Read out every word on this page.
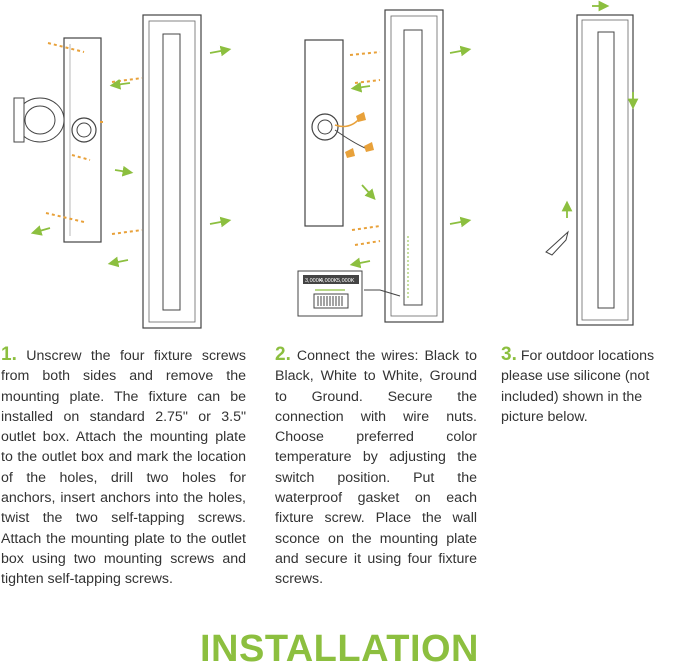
3,000K
4,000K 5,000K
1. Unscrew the four fixture screws from both sides and remove the mounting plate. The fixture can be installed on standard 2.75" or 3.5" outlet box. Attach the mounting plate to the outlet box and mark the location of the holes, drill two holes for anchors, insert anchors into the holes, twist the two self-tapping screws. Attach the mounting plate to the outlet box using two mounting screws and tighten self-tapping screws.
2. Connect the wires: Black to Black, White to White, Ground to Ground. Secure the connection with wire nuts. Choose preferred color temperature by adjusting the switch position. Put the waterproof gasket on each fixture screw. Place the wall sconce on the mounting plate and secure it using four fixture screws.
3. For outdoor locations please use silicone (not included) shown in the picture below.
INSTALLATION
